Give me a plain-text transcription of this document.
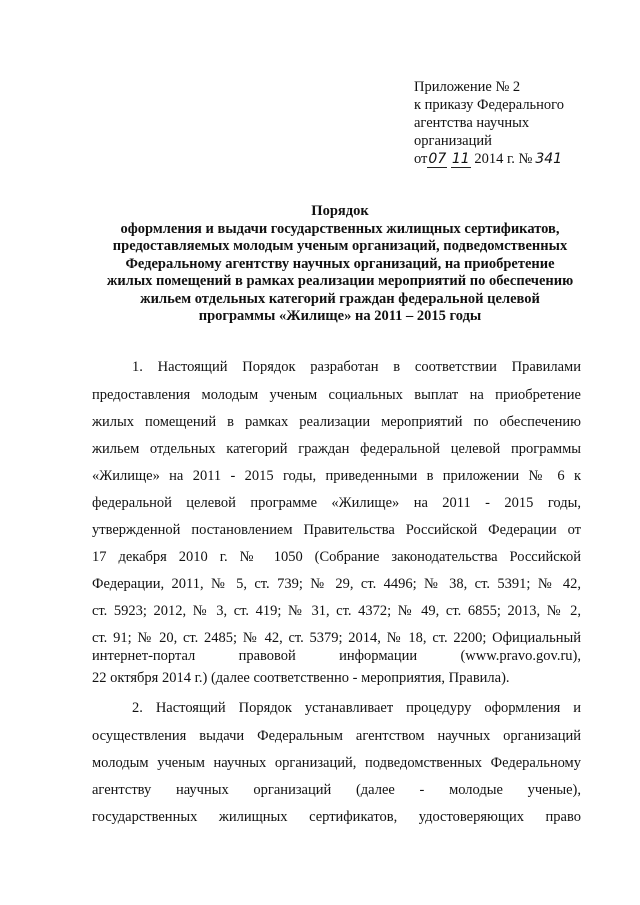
Приложение № 2
к приказу Федерального
агентства научных
организаций
от07 11 2014 г. № 341
Порядок
оформления и выдачи государственных жилищных сертификатов,
предоставляемых молодым ученым организаций, подведомственных
Федеральному агентству научных организаций, на приобретение
жилых помещений в рамках реализации мероприятий по обеспечению
жильем отдельных категорий граждан федеральной целевой
программы «Жилище» на 2011 – 2015 годы
1. Настоящий Порядок разработан в соответствии Правилами
предоставления молодым ученым социальных выплат на приобретение
жилых помещений в рамках реализации мероприятий по обеспечению
жильем отдельных категорий граждан федеральной целевой программы
«Жилище» на 2011 - 2015 годы, приведенными в приложении № 6 к
федеральной целевой программе «Жилище» на 2011 - 2015 годы,
утвержденной постановлением Правительства Российской Федерации от
17 декабря 2010 г. № 1050 (Собрание законодательства Российской
Федерации, 2011, № 5, ст. 739; № 29, ст. 4496; № 38, ст. 5391; № 42,
ст. 5923; 2012, № 3, ст. 419; № 31, ст. 4372; № 49, ст. 6855; 2013, № 2,
ст. 91; № 20, ст. 2485; № 42, ст. 5379; 2014, № 18, ст. 2200; Официальный
интернет-портал правовой информации (www.pravo.gov.ru),
22 октября 2014 г.) (далее соответственно - мероприятия, Правила).
2. Настоящий Порядок устанавливает процедуру оформления и
осуществления выдачи Федеральным агентством научных организаций
молодым ученым научных организаций, подведомственных Федеральному
агентству научных организаций (далее - молодые ученые),
государственных жилищных сертификатов, удостоверяющих право
